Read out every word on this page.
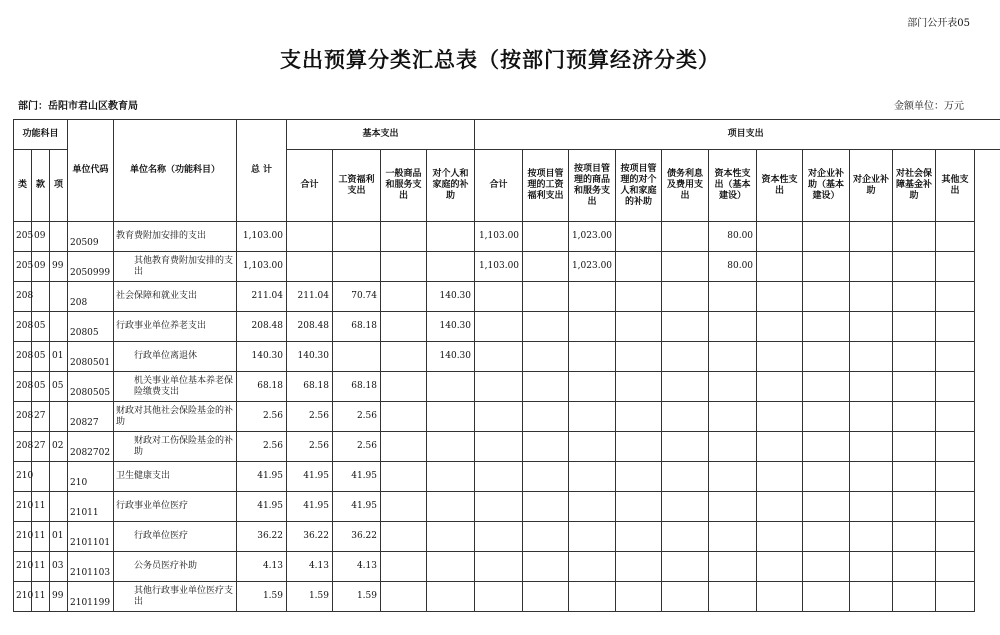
部门公开表05
支出预算分类汇总表（按部门预算经济分类）
部门：岳阳市君山区教育局	金额单位：万元
功能科目			单位代码	单位名称（功能科目）	总 计	基本支出				项目支出										
类	款	项				合计	工资福利支出	一般商品和服务支出	对个人和家庭的补助	合计	按项目管理的工资福利支出	按项目管理的商品和服务支出	按项目管理的对个人和家庭的补助	债务利息及费用支出	资本性支出（基本建设）	资本性支出	对企业补助（基本建设）	对企业补助	对社会保障基金补助	其他支出
205	09		20509	教育费附加安排的支出	1,103.00					1,103.00		1,023.00			80.00					
205	09	99	2050999	其他教育费附加安排的支出	1,103.00					1,103.00		1,023.00			80.00					
208			208	社会保障和就业支出	211.04	211.04	70.74		140.30											
208	05		20805	行政事业单位养老支出	208.48	208.48	68.18		140.30											
208	05	01	2080501	行政单位离退休	140.30	140.30			140.30											
208	05	05	2080505	机关事业单位基本养老保险缴费支出	68.18	68.18	68.18													
208	27		20827	财政对其他社会保险基金的补助	2.56	2.56	2.56													
208	27	02	2082702	财政对工伤保险基金的补助	2.56	2.56	2.56													
210			210	卫生健康支出	41.95	41.95	41.95													
210	11		21011	行政事业单位医疗	41.95	41.95	41.95													
210	11	01	2101101	行政单位医疗	36.22	36.22	36.22													
210	11	03	2101103	公务员医疗补助	4.13	4.13	4.13													
210	11	99	2101199	其他行政事业单位医疗支出	1.59	1.59	1.59													
